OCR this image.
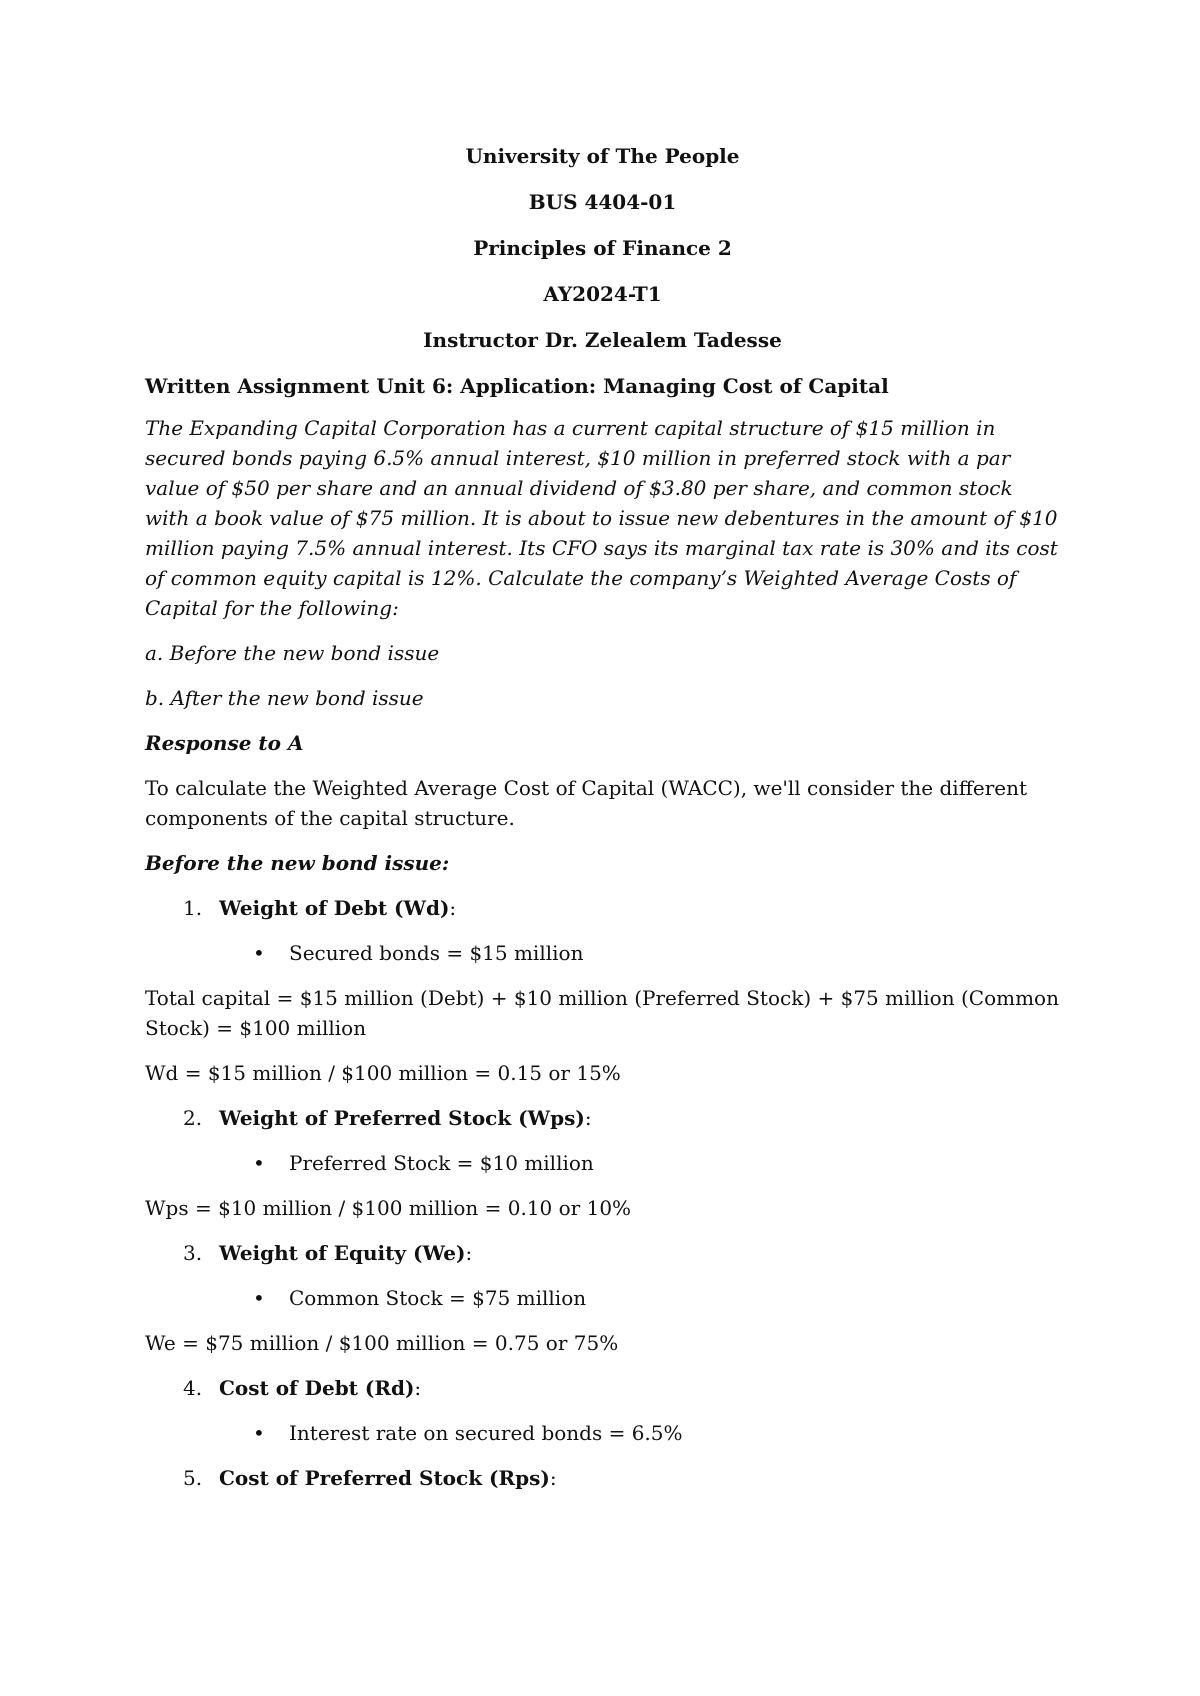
University of The People

BUS 4404-01

Principles of Finance 2

AY2024-T1

Instructor Dr. Zelealem Tadesse

Written Assignment Unit 6: Application: Managing Cost of Capital

The Expanding Capital Corporation has a current capital structure of $15 million in secured bonds paying 6.5% annual interest, $10 million in preferred stock with a par value of $50 per share and an annual dividend of $3.80 per share, and common stock with a book value of $75 million. It is about to issue new debentures in the amount of $10 million paying 7.5% annual interest. Its CFO says its marginal tax rate is 30% and its cost of common equity capital is 12%. Calculate the company’s Weighted Average Costs of Capital for the following:

a. Before the new bond issue

b. After the new bond issue

Response to A

To calculate the Weighted Average Cost of Capital (WACC), we'll consider the different components of the capital structure.

Before the new bond issue:

1. Weight of Debt (Wd):
•	Secured bonds = $15 million

Total capital = $15 million (Debt) + $10 million (Preferred Stock) + $75 million (Common Stock) = $100 million

Wd = $15 million / $100 million = 0.15 or 15%

2. Weight of Preferred Stock (Wps):
•	Preferred Stock = $10 million

Wps = $10 million / $100 million = 0.10 or 10%

3. Weight of Equity (We):
•	Common Stock = $75 million

We = $75 million / $100 million = 0.75 or 75%

4. Cost of Debt (Rd):
•	Interest rate on secured bonds = 6.5%
5. Cost of Preferred Stock (Rps):
